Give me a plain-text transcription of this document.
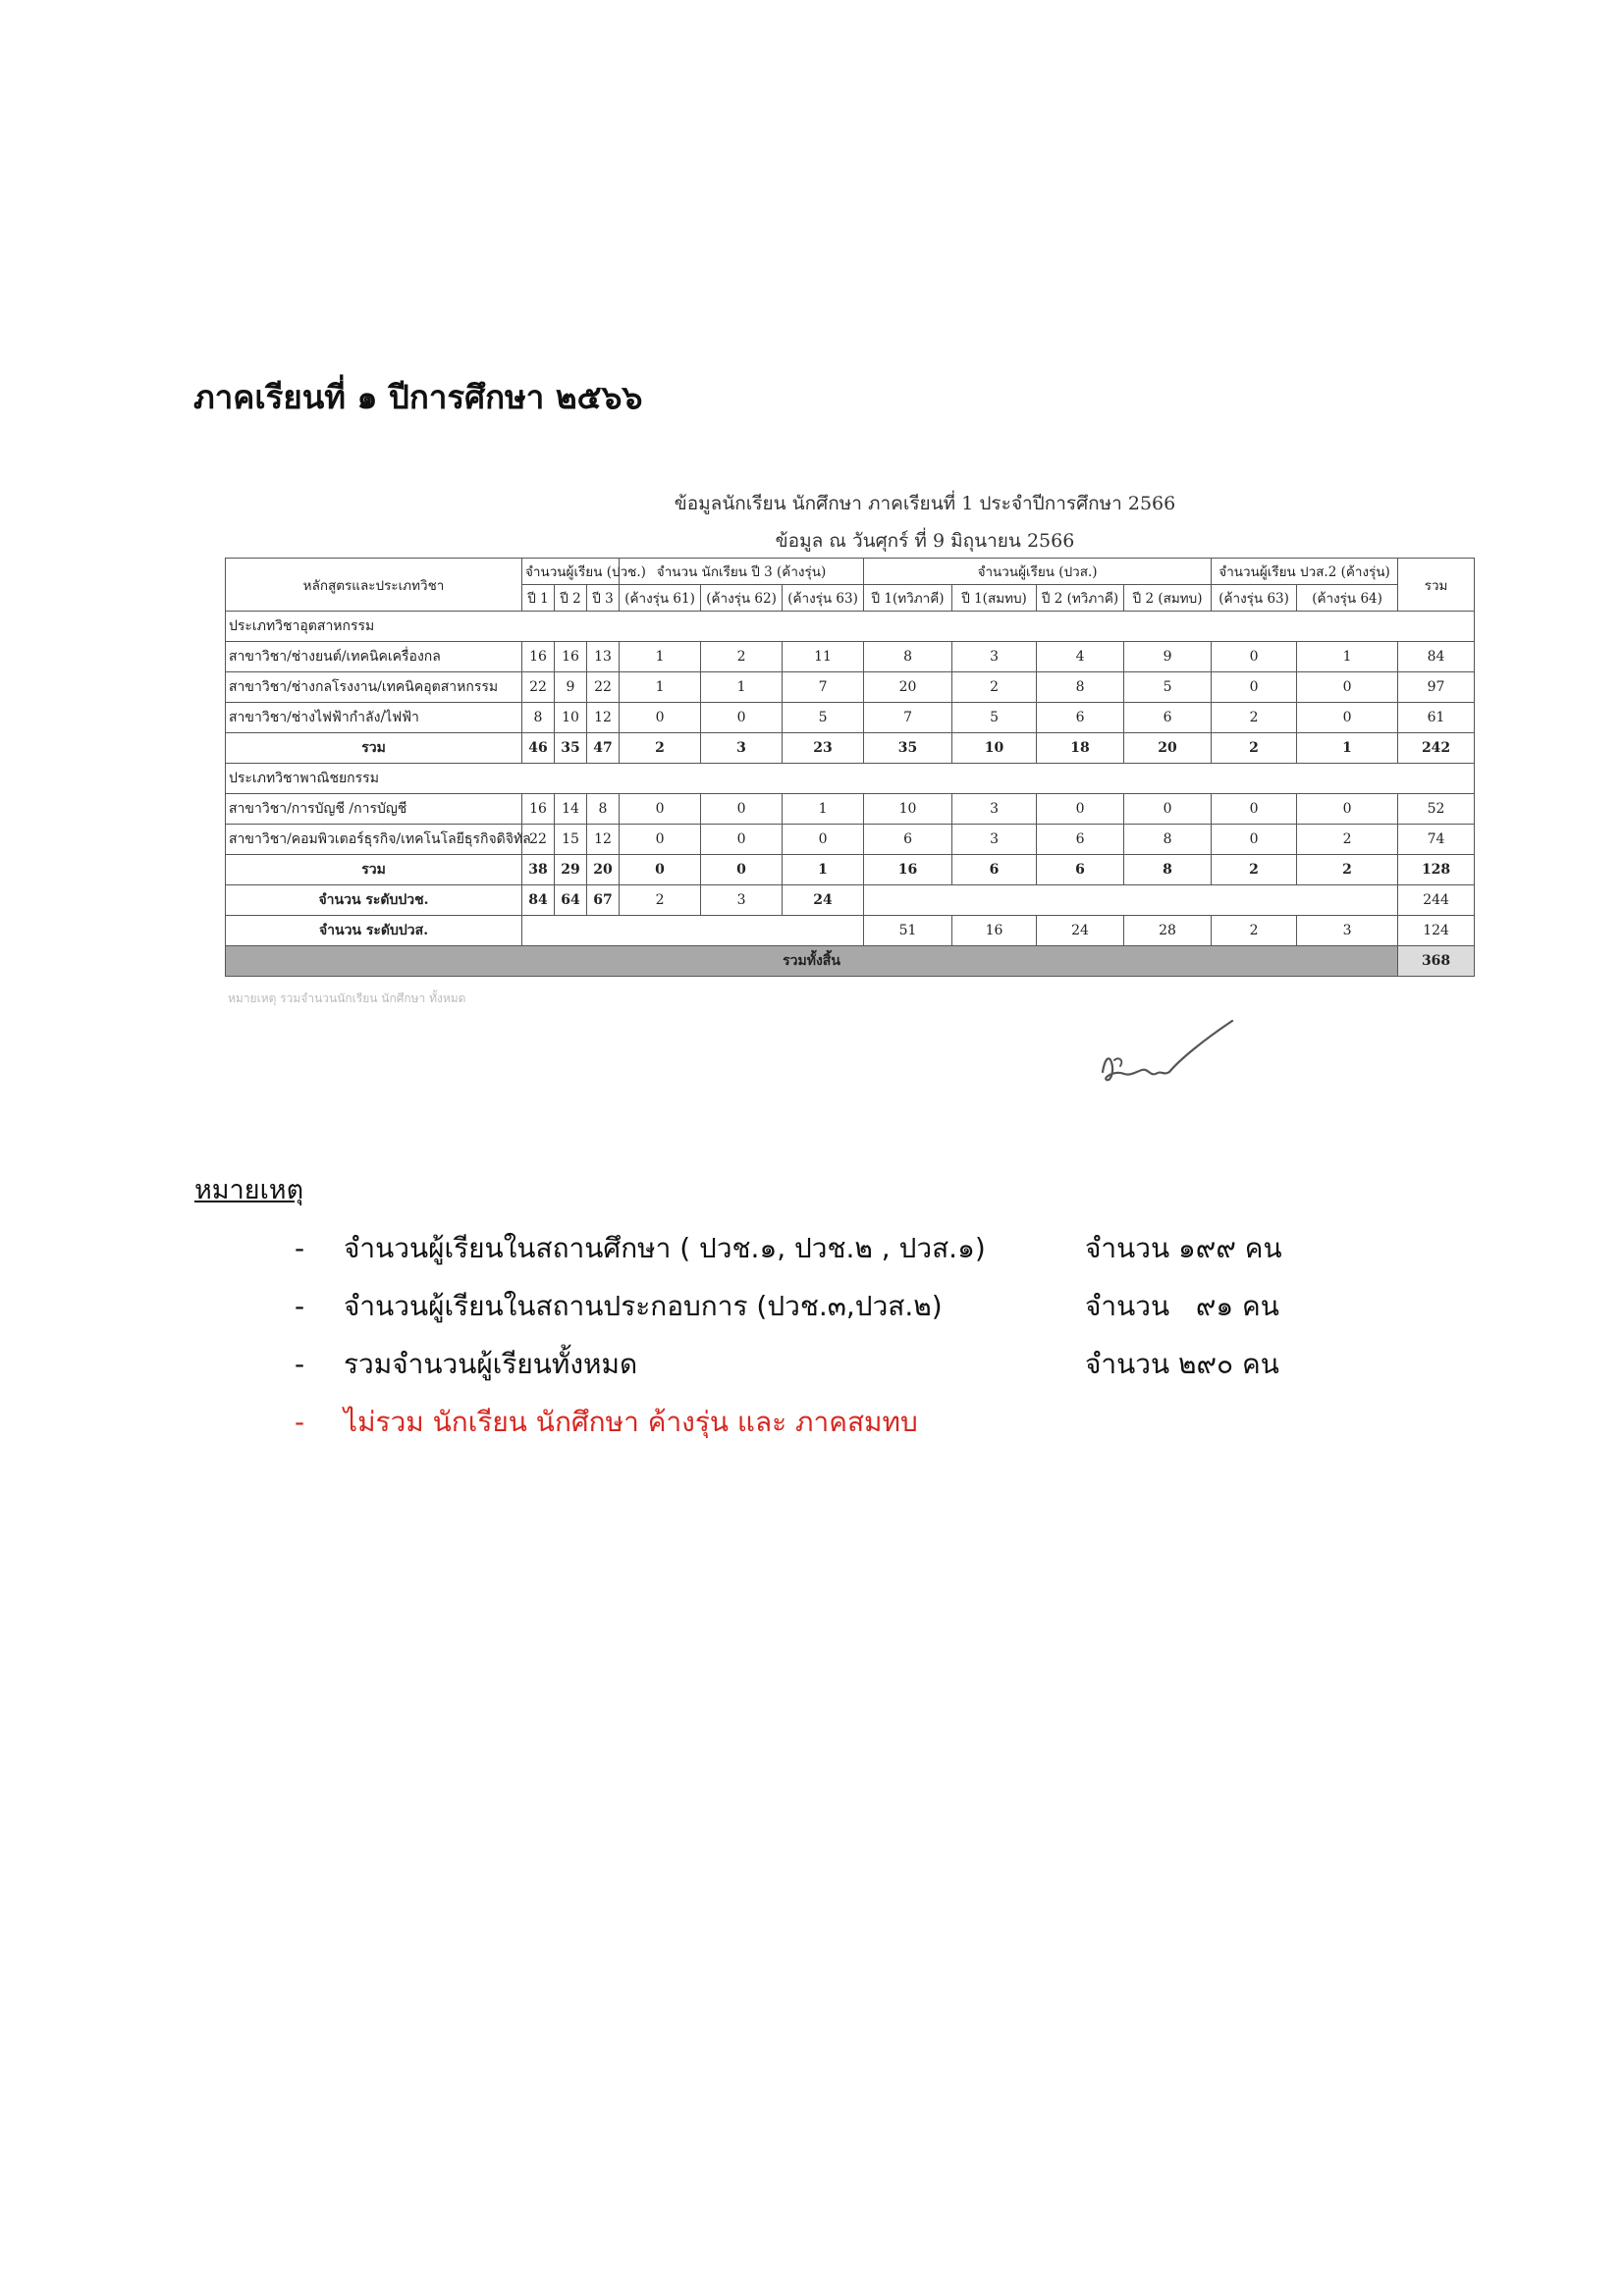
ภาคเรียนที่ ๑ ปีการศึกษา ๒๕๖๖
ข้อมูลนักเรียน นักศึกษา ภาคเรียนที่ 1 ประจำปีการศึกษา 2566
ข้อมูล ณ วันศุกร์ ที่ 9 มิถุนายน 2566
หลักสูตรและประเภทวิชา	จำนวนผู้เรียน (ปวช.)			จำนวน นักเรียน ปี 3 (ค้างรุ่น)			จำนวนผู้เรียน (ปวส.)				จำนวนผู้เรียน ปวส.2 (ค้างรุ่น)		รวม
	ปี 1	ปี 2	ปี 3	(ค้างรุ่น 61)	(ค้างรุ่น 62)	(ค้างรุ่น 63)	ปี 1(ทวิภาคี)	ปี 1(สมทบ)	ปี 2 (ทวิภาคี)	ปี 2 (สมทบ)	(ค้างรุ่น 63)	(ค้างรุ่น 64)	
ประเภทวิชาอุตสาหกรรม													
สาขาวิชา/ช่างยนต์/เทคนิคเครื่องกล	16	16	13	1	2	11	8	3	4	9	0	1	84
สาขาวิชา/ช่างกลโรงงาน/เทคนิคอุตสาหกรรม	22	9	22	1	1	7	20	2	8	5	0	0	97
สาขาวิชา/ช่างไฟฟ้ากำลัง/ไฟฟ้า	8	10	12	0	0	5	7	5	6	6	2	0	61
รวม	46	35	47	2	3	23	35	10	18	20	2	1	242
ประเภทวิชาพาณิชยกรรม													
สาขาวิชา/การบัญชี /การบัญชี	16	14	8	0	0	1	10	3	0	0	0	0	52
สาขาวิชา/คอมพิวเตอร์ธุรกิจ/เทคโนโลยีธุรกิจดิจิทัล	22	15	12	0	0	0	6	3	6	8	0	2	74
รวม	38	29	20	0	0	1	16	6	6	8	2	2	128
จำนวน ระดับปวช.	84	64	67	2	3	24							244
จำนวน ระดับปวส.							51	16	24	28	2	3	124
รวมทั้งสิ้น													368
หมายเหตุ รวมจำนวนนักเรียน นักศึกษา ทั้งหมด
หมายเหตุ
- จำนวนผู้เรียนในสถานศึกษา ( ปวช.๑, ปวช.๒ , ปวส.๑)	จำนวน ๑๙๙ คน
- จำนวนผู้เรียนในสถานประกอบการ (ปวช.๓,ปวส.๒)	จำนวน   ๙๑ คน
- รวมจำนวนผู้เรียนทั้งหมด	จำนวน ๒๙๐ คน
- ไม่รวม นักเรียน นักศึกษา ค้างรุ่น และ ภาคสมทบ
